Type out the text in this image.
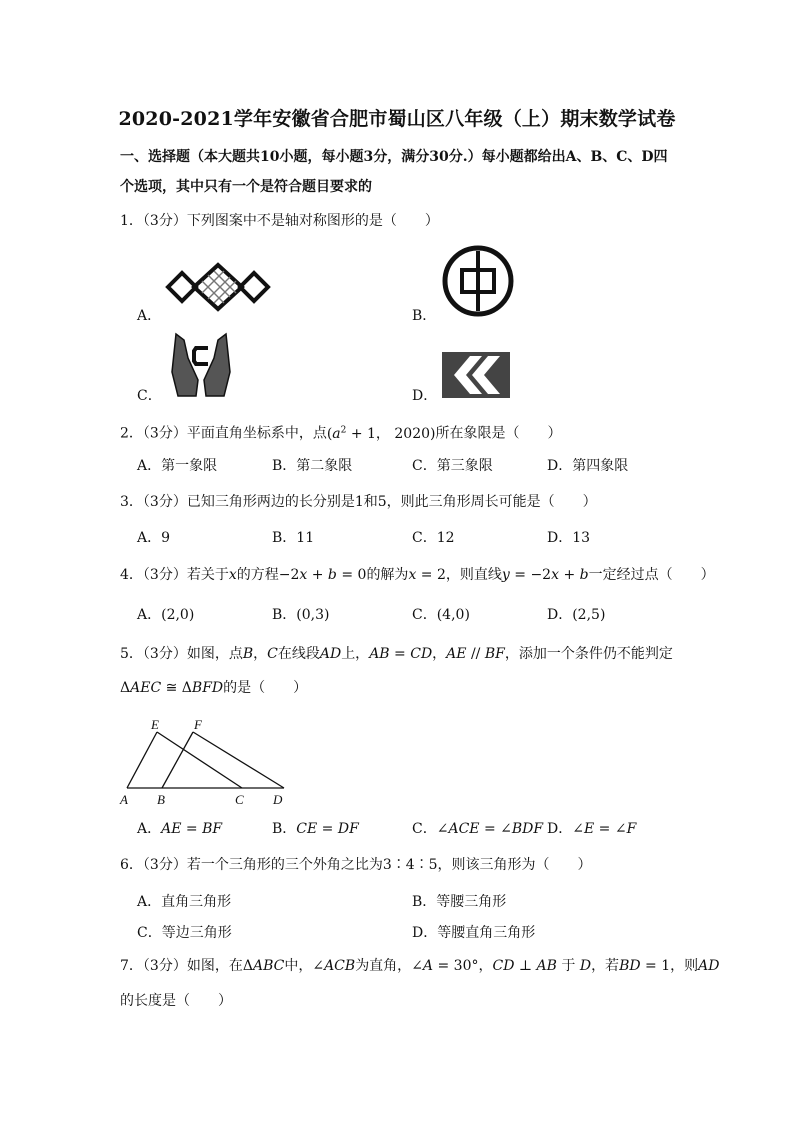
2020-2021学年安徽省合肥市蜀山区八年级（上）期末数学试卷
一、选择题（本大题共10小题，每小题3分，满分30分.）每小题都给出A、B、C、D四
个选项，其中只有一个是符合题目要求的
1．（3分）下列图案中不是轴对称图形的是（　　）
A．	B．
C．	D．
2．（3分）平面直角坐标系中，点($a^2 + 1$， 2020)所在象限是（　　）
A．第一象限	B．第二象限	C．第三象限	D．第四象限
3．（3分）已知三角形两边的长分别是1和5，则此三角形周长可能是（　　）
A．9	B．11	C．12	D．13
4．（3分）若关于x的方程−2x + b = 0的解为x = 2，则直线y = −2x + b一定经过点（　　）
A．(2,0)	B．(0,3)	C．(4,0)	D．(2,5)
5．（3分）如图，点B，C在线段AD上，AB = CD，AE // BF，添加一个条件仍不能判定
ΔAEC ≅ ΔBFD的是（　　）
E	F
A B	C D
A．AE = BF	B．CE = DF	C．∠ACE = ∠BDF D．∠E = ∠F
6．（3分）若一个三角形的三个外角之比为3∶4∶5，则该三角形为（　　）
A．直角三角形	B．等腰三角形
C．等边三角形	D．等腰直角三角形
7．（3分）如图，在ΔABC中，∠ACB为直角，∠A = 30°，CD ⊥ AB 于 D，若BD = 1，则AD
的长度是（　　）
